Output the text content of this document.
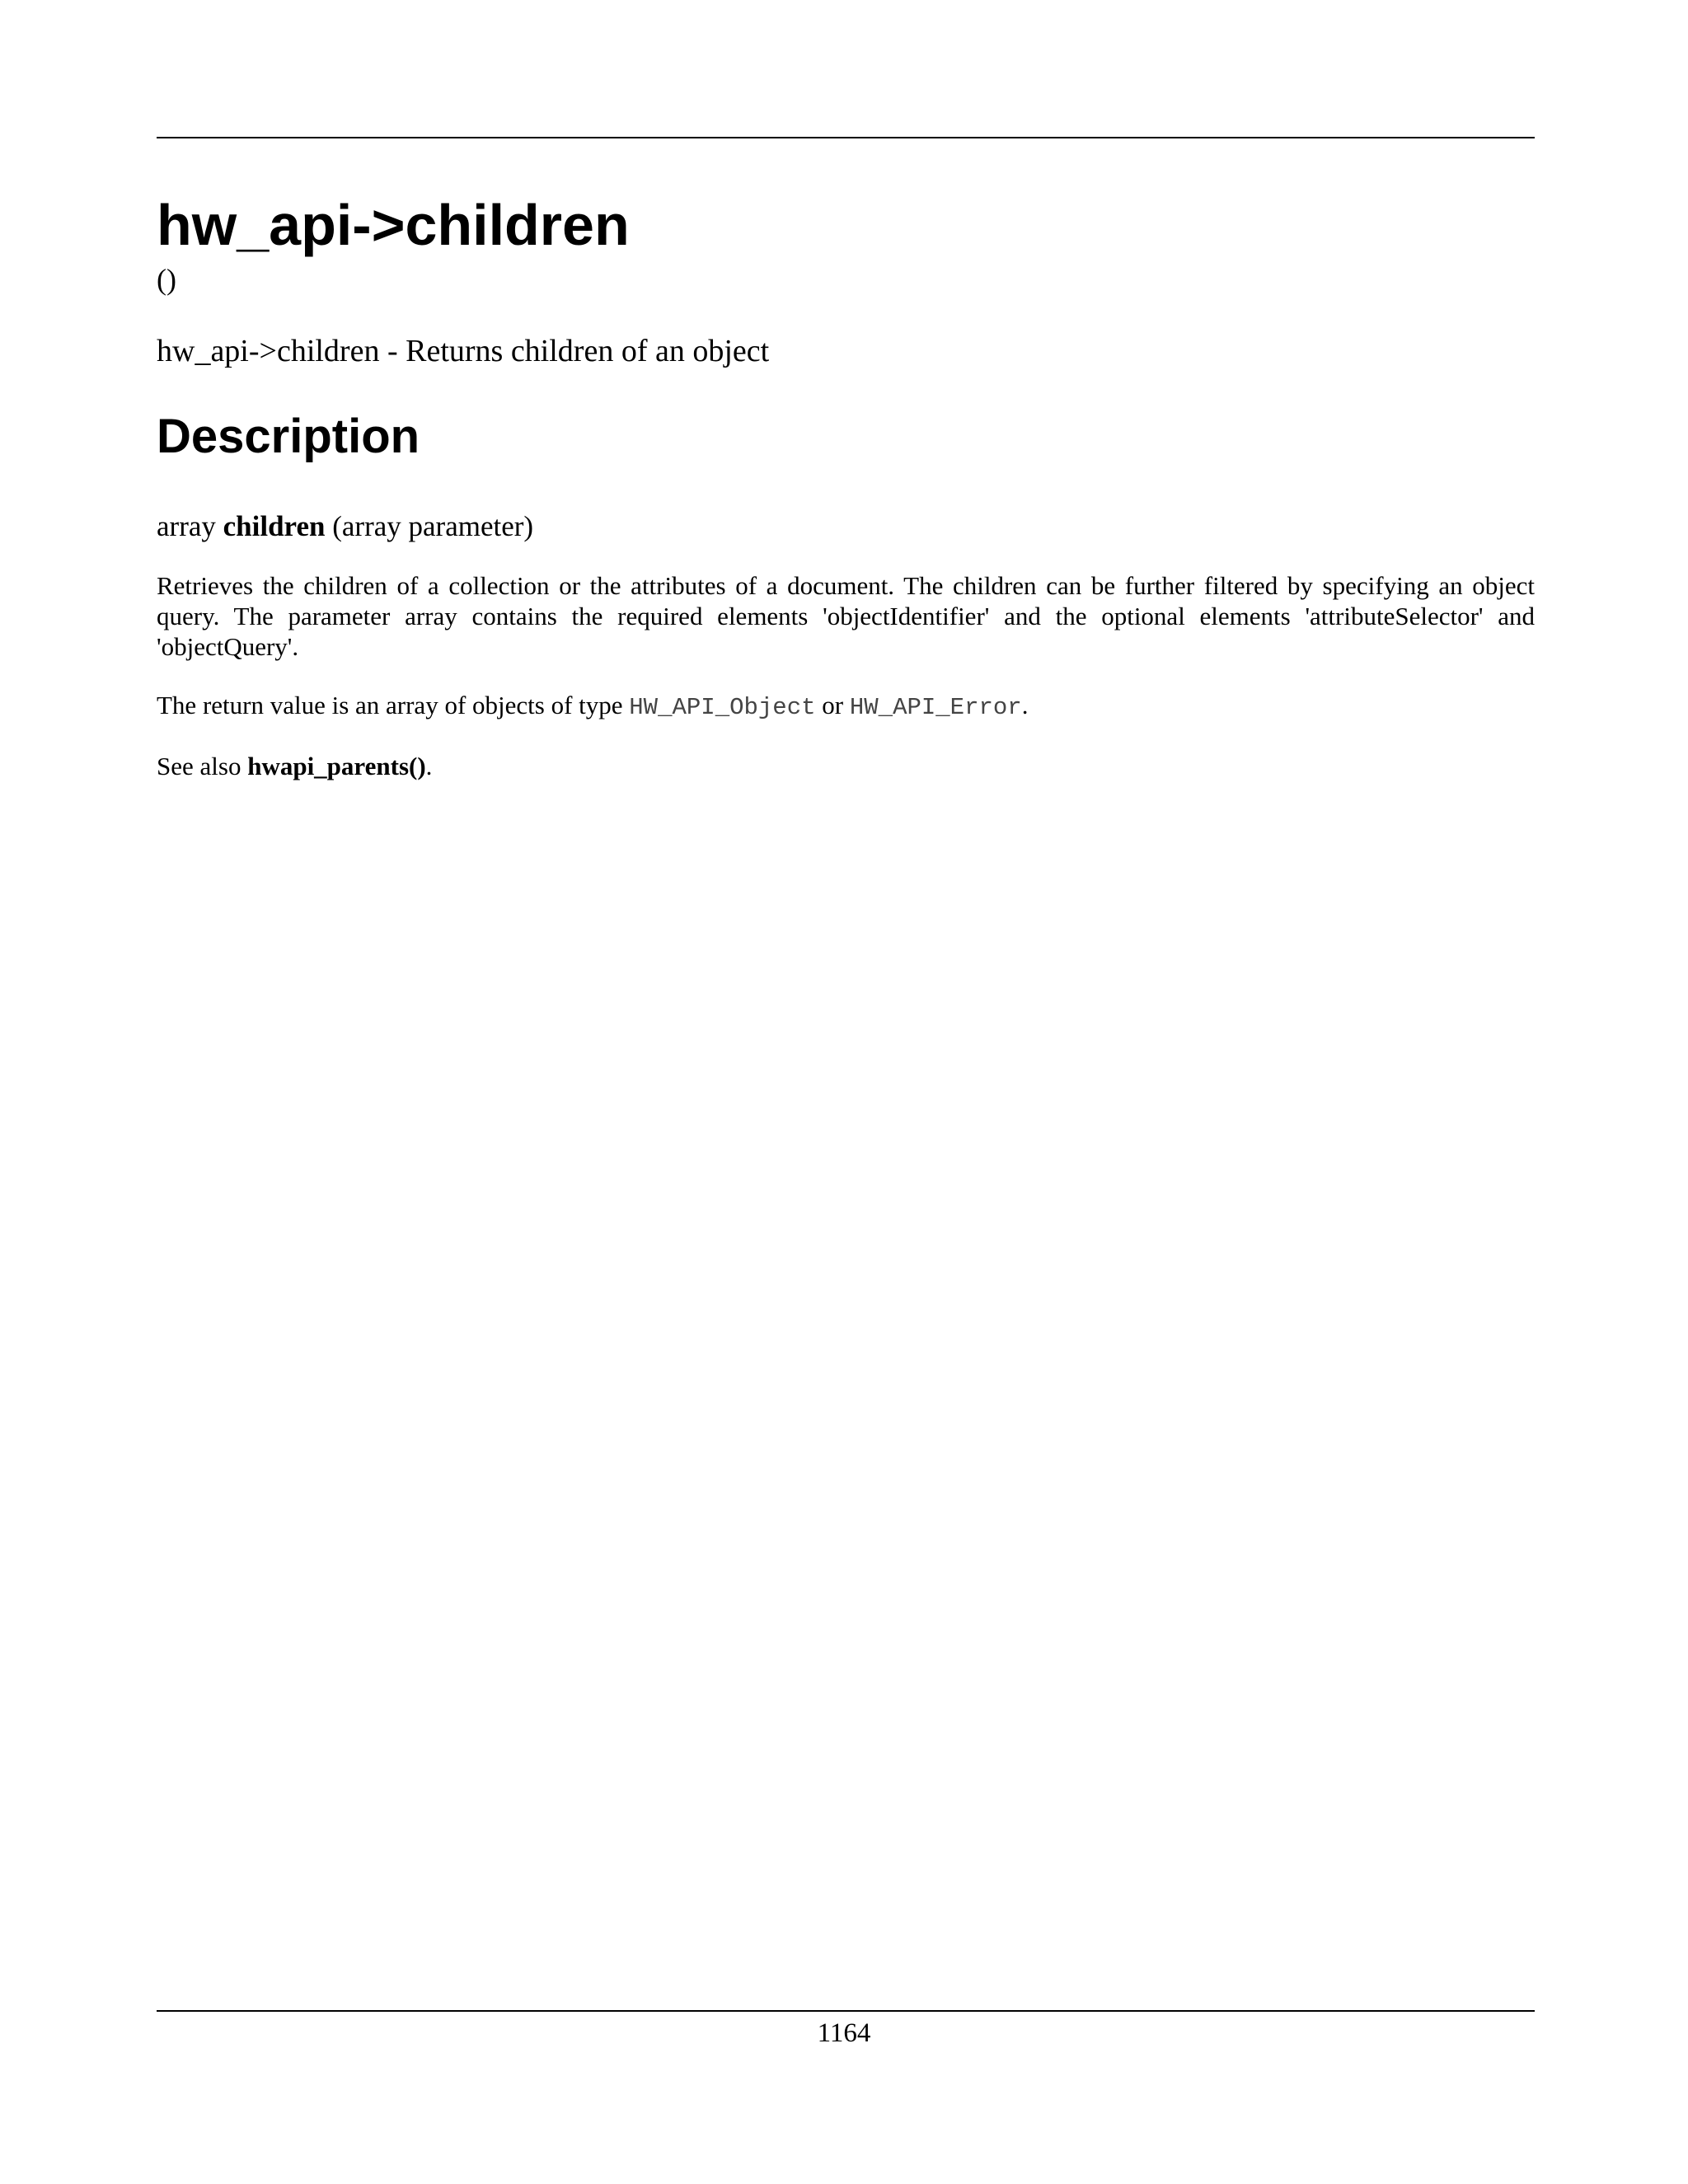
hw_api->children
()

hw_api->children - Returns children of an object

Description
array children (array parameter)

Retrieves the children of a collection or the attributes of a document. The children can be further filtered by specifying an object query. The parameter array contains the required elements 'objectIdentifier' and the optional elements 'attributeSelector' and 'objectQuery'.

The return value is an array of objects of type HW_API_Object or HW_API_Error.

See also hwapi_parents().

1164
